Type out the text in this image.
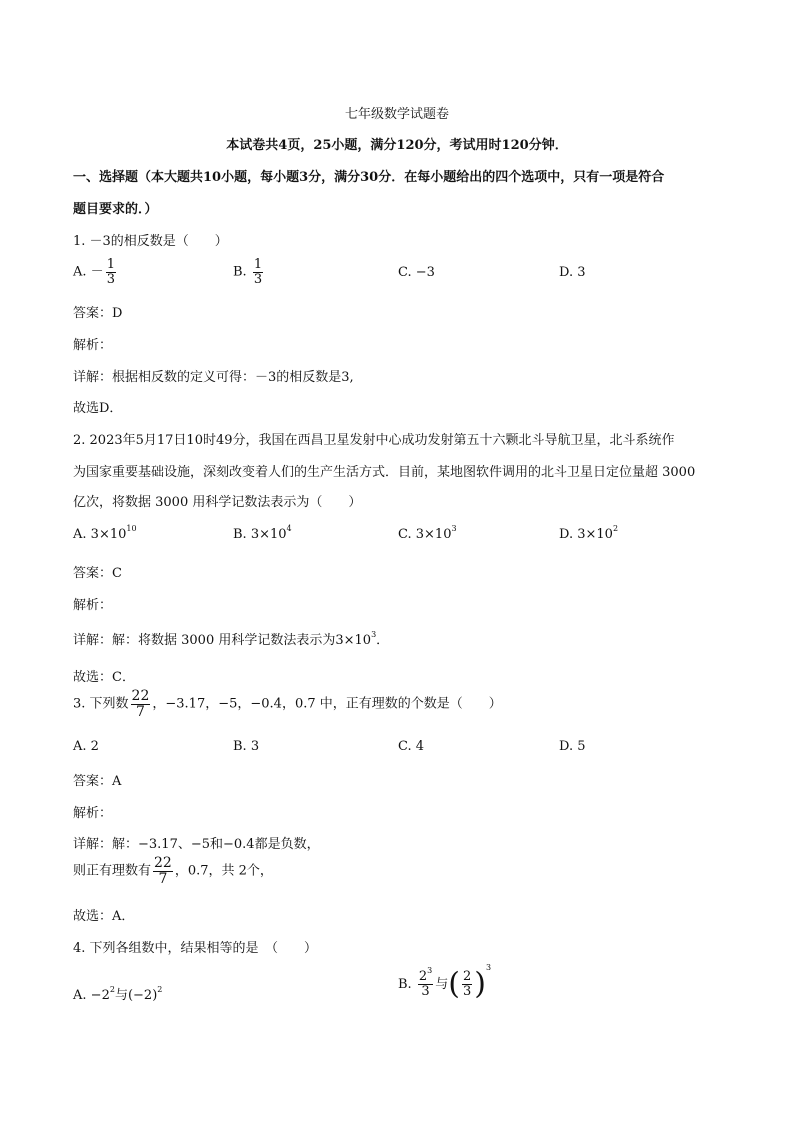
七年级数学试题卷
本试卷共4页，25小题，满分120分，考试用时120分钟．
一、选择题（本大题共10小题，每小题3分，满分30分．在每小题给出的四个选项中，只有一项是符合
题目要求的．）
1. －3的相反数是（　　）
A. － $\frac{1}{3}$	B. $\frac{1}{3}$	C. −3	D. 3
答案：D
解析：
详解：根据相反数的定义可得：－3的相反数是3,
故选D．
2. 2023年5月17日10时49分，我国在西昌卫星发射中心成功发射第五十六颗北斗导航卫星，北斗系统作
为国家重要基础设施，深刻改变着人们的生产生活方式．目前，某地图软件调用的北斗卫星日定位量超 3000
亿次，将数据 3000 用科学记数法表示为（　　）
A. $3\times 10^{10}$	B. $3\times 10^4$	C. $3\times 10^3$	D. $3\times 10^2$
答案：C
解析：
详解：解：将数据 3000 用科学记数法表示为$3\times 10^3$．
故选：C．
3. 下列数 $\frac{22}{7}$ ，−3.17，−5，−0.4，0.7 中，正有理数的个数是（　　）
A. 2	B. 3	C. 4	D. 5
答案：A
解析：
详解：解：−3.17、−5和−0.4都是负数，
则正有理数有 $\frac{22}{7}$ ，0.7，共 2个，
故选：A．
4. 下列各组数中，结果相等的是　（　　）
A. $-2^2$与$(-2)^2$	B. $\frac{2^3}{3}$ 与( $\frac{2}{3} )^3$
